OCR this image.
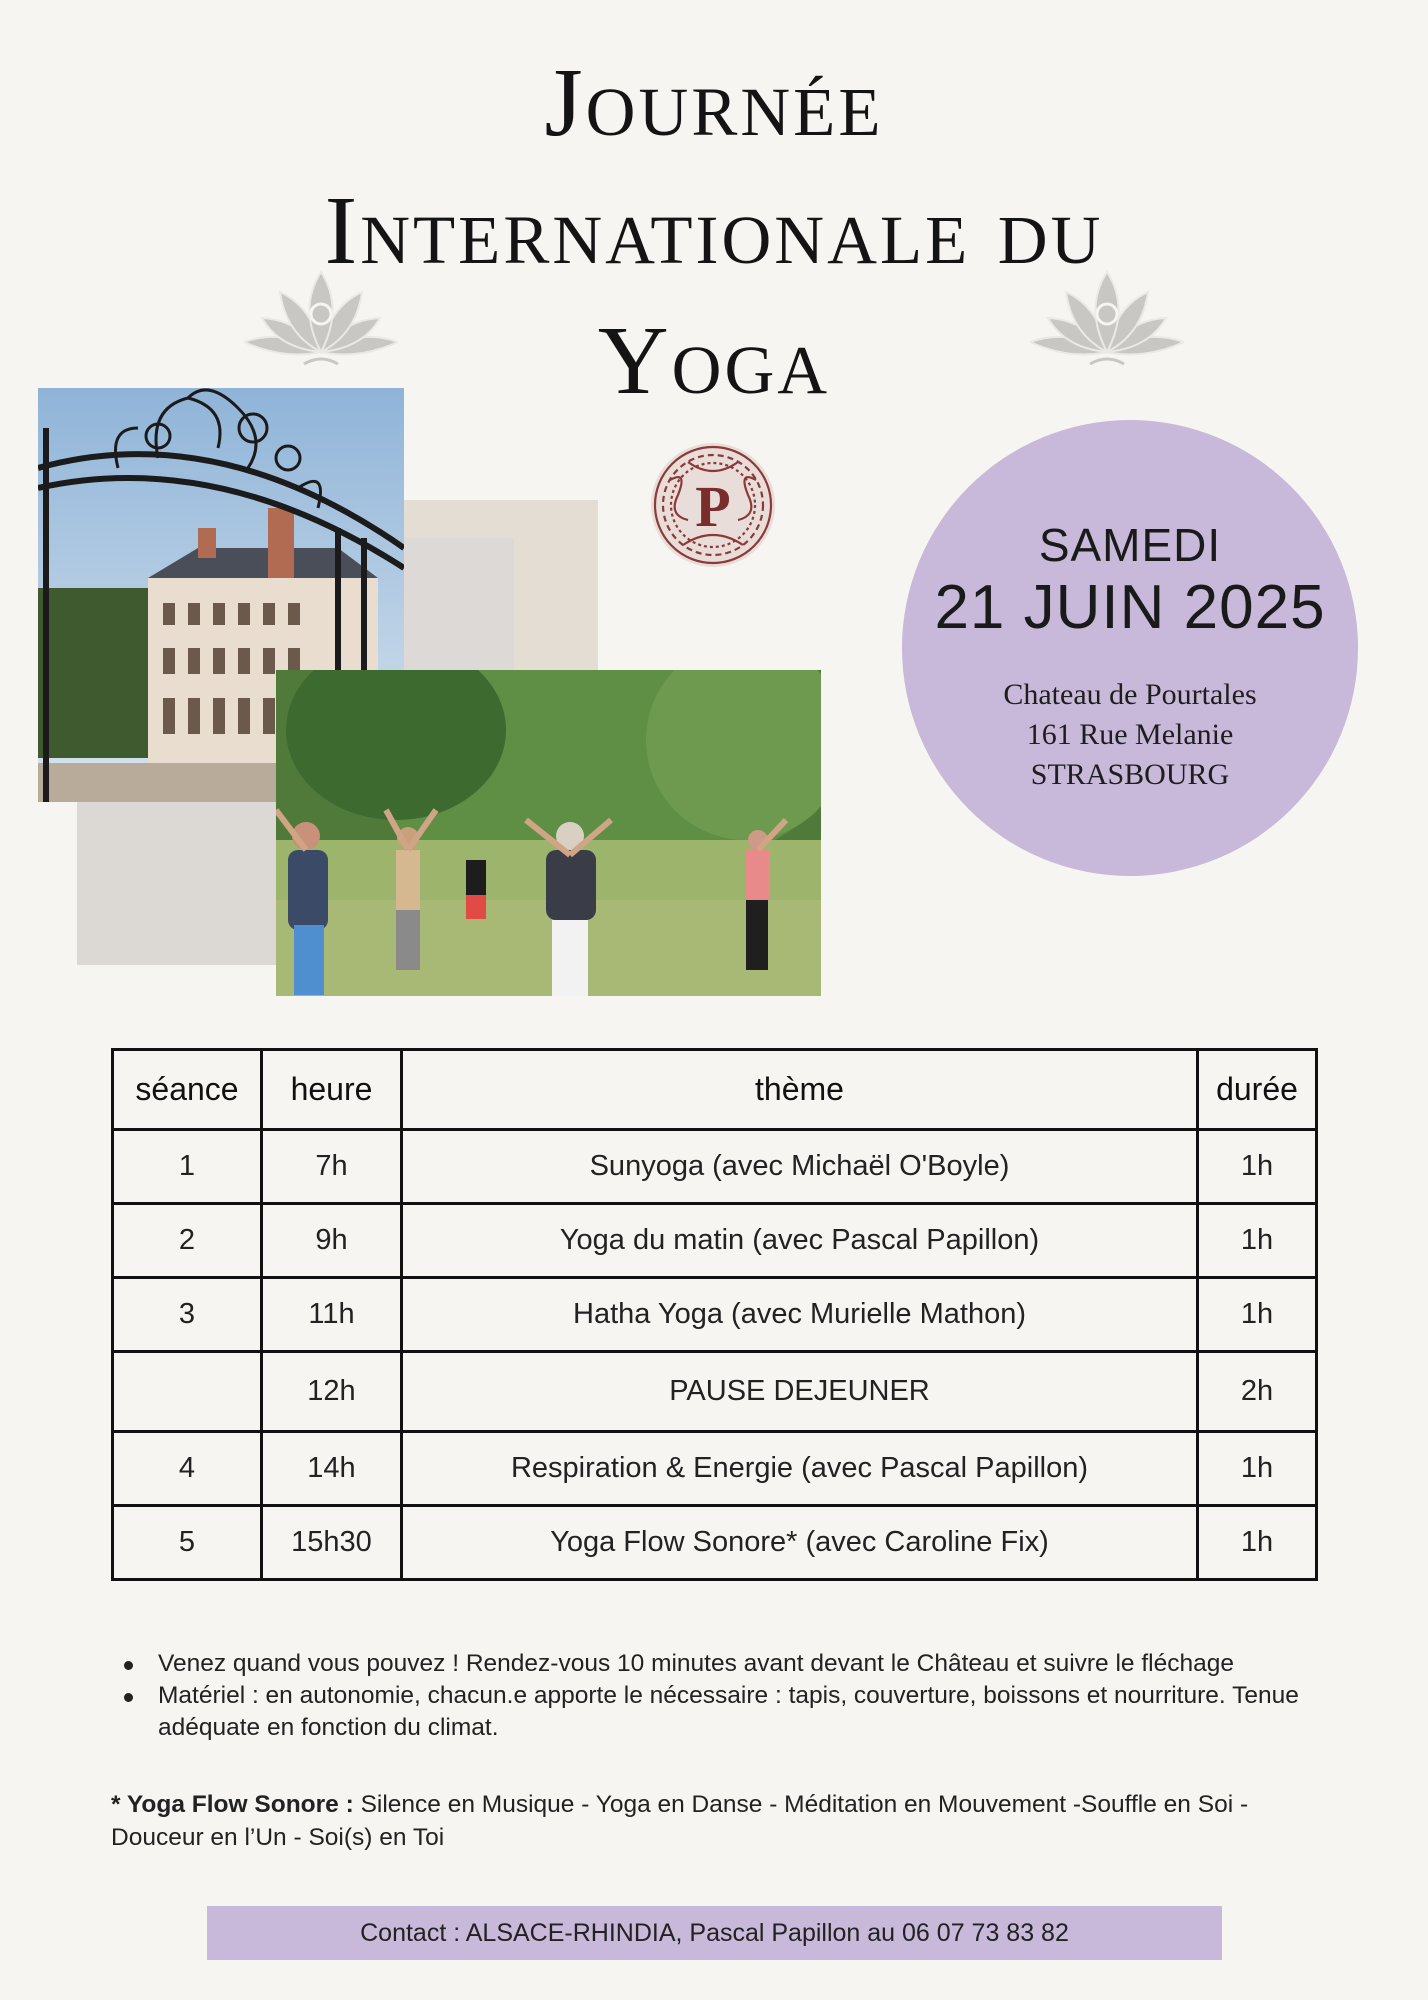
Journée
Internationale du
Yoga
P
SAMEDI
21 JUIN 2025
Chateau de Pourtales
161 Rue Melanie
STRASBOURG
séance	heure	thème	durée
1	7h	Sunyoga (avec Michaël O'Boyle)	1h
2	9h	Yoga du matin (avec Pascal Papillon)	1h
3	11h	Hatha Yoga (avec Murielle Mathon)	1h
	12h	PAUSE DEJEUNER	2h
4	14h	Respiration & Energie (avec Pascal Papillon)	1h
5	15h30	Yoga Flow Sonore* (avec Caroline Fix)	1h
Venez quand vous pouvez ! Rendez-vous 10 minutes avant devant le Château et suivre le fléchage
Matériel : en autonomie, chacun.e apporte le nécessaire : tapis, couverture, boissons et nourriture. Tenue adéquate en fonction du climat.
* Yoga Flow Sonore : Silence en Musique - Yoga en Danse - Méditation en Mouvement -Souffle en Soi - Douceur en l’Un - Soi(s) en Toi
Contact : ALSACE-RHINDIA, Pascal Papillon au 06 07 73 83 82
